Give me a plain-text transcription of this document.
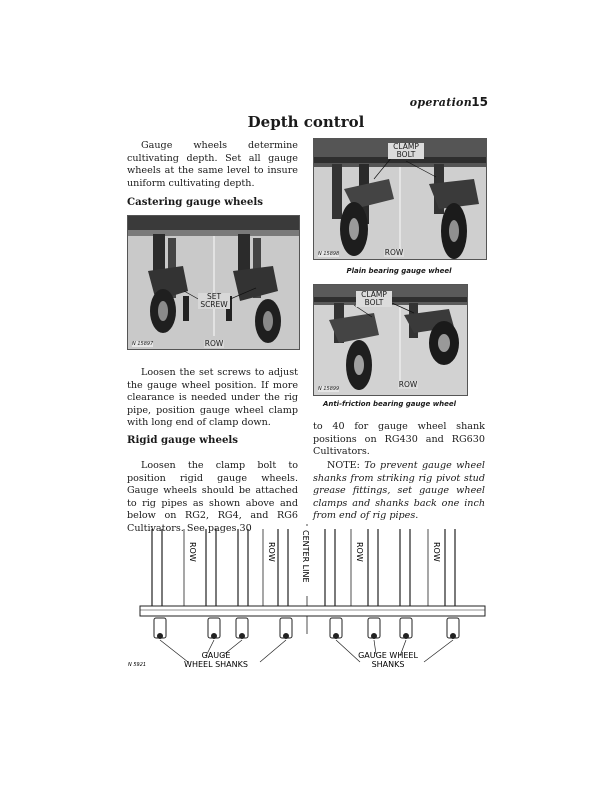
operation 15
Depth control

Gauge wheels determine cultivating depth. Set all gauge wheels at the same level to insure uniform cultivating depth.

Castering gauge wheels
SET
SCREW
ROW
N 15897

Loosen the set screws to adjust the gauge wheel position. If more clearance is needed under the rig pipe, position gauge wheel clamp with long end of clamp down.

Rigid gauge wheels

Loosen the clamp bolt to position rigid gauge wheels. Gauge wheels should be attached to rig pipes as shown above and below on RG2, RG4, and RG6 Cultivators. See pages 30

CLAMP
BOLT
ROW
N 15898
Plain bearing gauge wheel
CLAMP
BOLT
ROW
N 15899
Anti-friction bearing gauge wheel

to 40 for gauge wheel shank positions on RG430 and RG630 Cultivators.

NOTE: To prevent gauge wheel shanks from striking rig pivot stud grease fittings, set gauge wheel clamps and shanks back one inch from end of rig pipes.

ROW	ROW	ROW	ROW
CENTER LINE
GAUGE
WHEEL SHANKS
GAUGE WHEEL
SHANKS
N 5921
